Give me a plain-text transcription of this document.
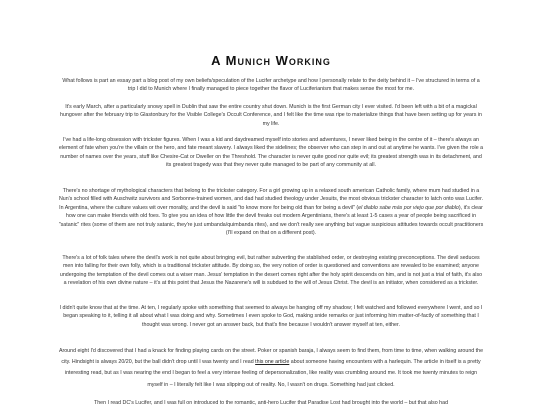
A Munich Working

What follows is part an essay part a blog post of my own beliefs/speculation of the Lucifer archetype and how I personally relate to the deity behind it – I've structured in terms of a trip I did to Munich where I finally managed to piece together the flavor of Luciferianism that makes sense the most for me.

It's early March, after a particularly snowy spell in Dublin that saw the entire country shut down. Munich is the first German city I ever visited. I'd been left with a bit of a magickal hungover after the february trip to Glastonbury for the Visible College's Occult Conference, and I felt like the time was ripe to materialize things that have been setting up for years in my life.

I've had a life-long obsession with trickster figures. When I was a kid and daydreamed myself into stories and adventures, I never liked being in the centre of it – there's always an element of fate when you're the villain or the hero, and fate meant slavery. I always liked the sidelines; the observer who can step in and out at anytime he wants. I've given the role a number of names over the years, stuff like Chesire-Cat or Dweller on the Threshold. The character is never quite good nor quite evil; its greatest strength was in its detachment, and its greatest tragedy was that they never quite managed to be part of any community at all.

There's no shortage of mythological characters that belong to the trickster category. For a girl growing up in a relaxed south american Catholic family, where mum had studied in a Nun's school filled with Auschwitz survivors and Sorbonne-trained women, and dad had studied theology under Jesuits, the most obvious trickster character to latch onto was Lucifer. In Argentina, where the culture values wit over morality, and the devil is said "to know more for being old than for being a devil" (el diablo sabe más por viejo que por diablo), it's clear how one can make friends with old foes. To give you an idea of how little the devil freaks out modern Argentinians, there's at least 1-5 cases a year of people being sacrificed in "satanic" rites (some of them are not truly satanic, they're just umbanda/quimbanda rites), and we don't really see anything but vague suspicious attitudes towards occult practitioners (I'll expand on that on a different post).

There's a lot of folk tales where the devil's work is not quite about bringing evil, but rather subverting the stablished order, or destroying existing preconceptions. The devil seduces men into falling for their own folly, which is a traditional trickster attitude. By doing so, the very notion of order is questioned and conventions are revealed to be examined; anyone undergoing the temptation of the devil comes out a wiser man. Jesus' temptation in the desert comes right after the holy spirit descends on him, and is not just a trial of faith, it's also a revelation of his own divine nature – it's at this point that Jesus the Nazarene's will is subdued to the will of Jesus Christ. The devil is an initiator, when considered as a trickster.

I didn't quite know that at the time. At ten, I regularly spoke with something that seemed to always be hanging off my shadow; I felt watched and followed everywhere I went, and so I began speaking to it, telling it all about what I was doing and why. Sometimes I even spoke to God, making snide remarks or just informing him matter-of-factly of something that I thought was wrong. I never got an answer back, but that's fine because I wouldn't answer myself at ten, either.

Around eight I'd discovered that I had a knack for finding playing cards on the street. Poker or spanish baraja, I always seem to find them, from time to time, when walking around the city. Hindsight is always 20/20, but the ball didn't drop until I was twenty and I read this one article about someone having encounters with a harlequin. The article in itself is a pretty interesting read, but as I was nearing the end I began to feel a very intense feeling of depersonalization, like reality was crumbling around me. It took me twenty minutes to reign myself in – I literally felt like I was slipping out of reality. No, I wasn't on drugs. Something had just clicked.

Then I read DC's Lucifer, and I was full on introduced to the romantic, anti-hero Lucifer that Paradise Lost had brought into the world – but that also had
